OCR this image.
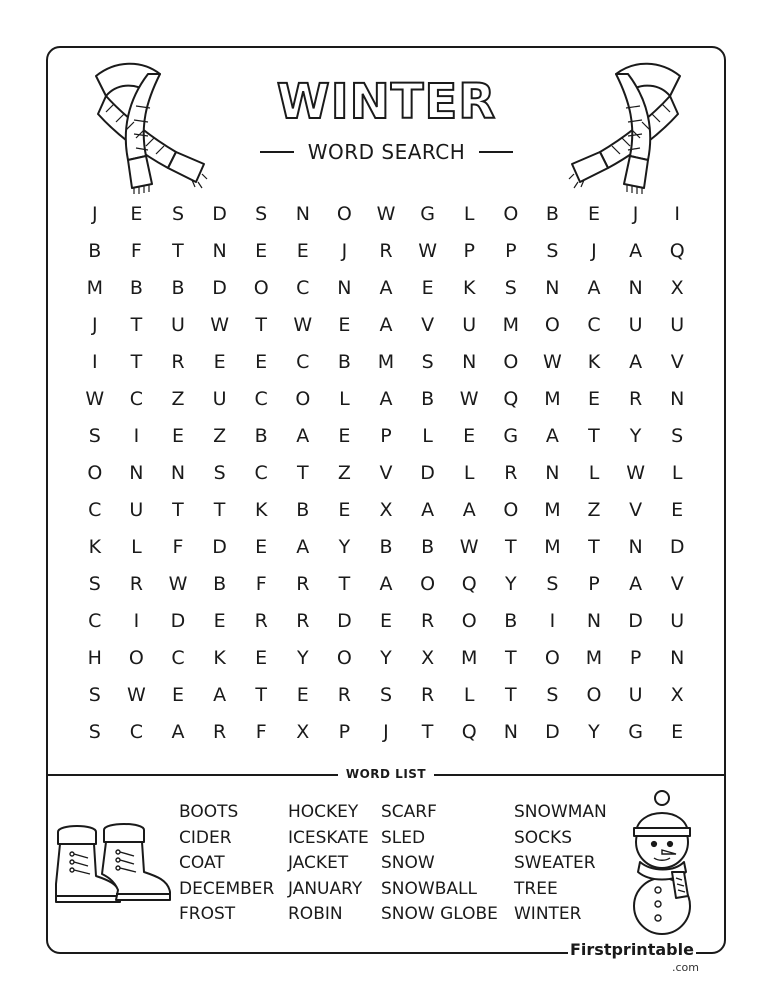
WINTER
WORD SEARCH
J	E	S	D	S	N	O	W	G	L	O	B	E	J	I
B	F	T	N	E	E	J	R	W	P	P	S	J	A	Q
M	B	B	D	O	C	N	A	E	K	S	N	A	N	X
J	T	U	W	T	W	E	A	V	U	M	O	C	U	U
I	T	R	E	E	C	B	M	S	N	O	W	K	A	V
W	C	Z	U	C	O	L	A	B	W	Q	M	E	R	N
S	I	E	Z	B	A	E	P	L	E	G	A	T	Y	S
O	N	N	S	C	T	Z	V	D	L	R	N	L	W	L
C	U	T	T	K	B	E	X	A	A	O	M	Z	V	E
K	L	F	D	E	A	Y	B	B	W	T	M	T	N	D
S	R	W	B	F	R	T	A	O	Q	Y	S	P	A	V
C	I	D	E	R	R	D	E	R	O	B	I	N	D	U
H	O	C	K	E	Y	O	Y	X	M	T	O	M	P	N
S	W	E	A	T	E	R	S	R	L	T	S	O	U	X
S	C	A	R	F	X	P	J	T	Q	N	D	Y	G	E
WORD LIST
BOOTS
CIDER
COAT
DECEMBER
FROST
HOCKEY
ICESKATE
JACKET
JANUARY
ROBIN
SCARF
SLED
SNOW
SNOWBALL
SNOW GLOBE
SNOWMAN
SOCKS
SWEATER
TREE
WINTER
Firstprintable
.com
